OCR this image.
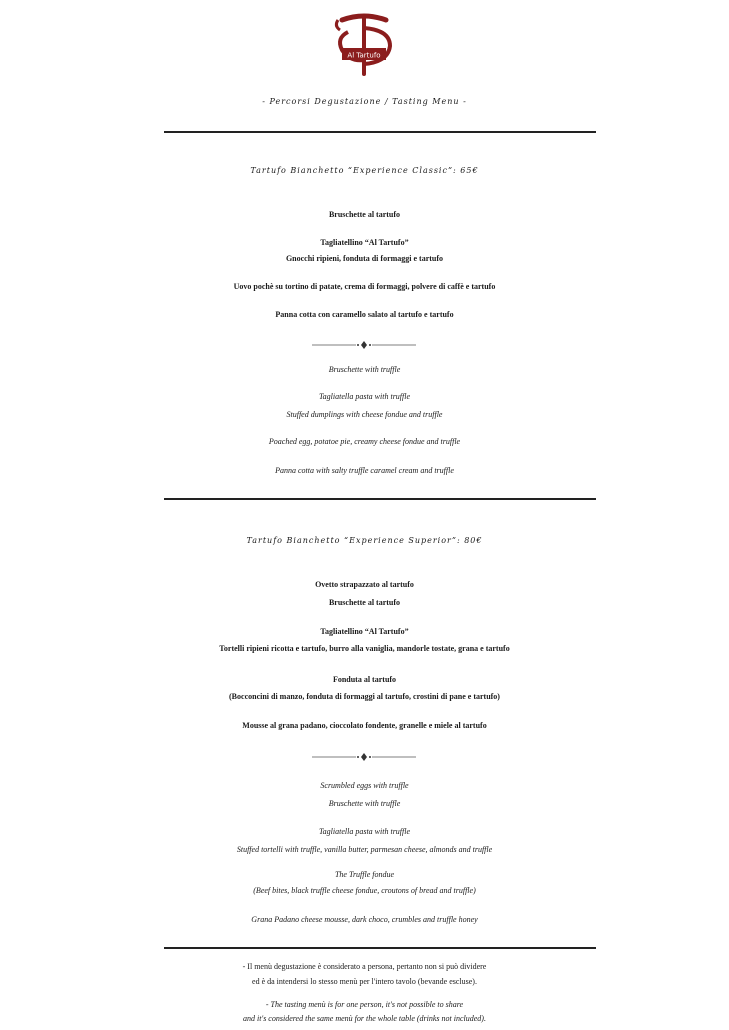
Al Tartufo
- Percorsi Degustazione / Tasting Menu -
Tartufo Bianchetto “Experience Classic”: 65€
Bruschette al tartufo
Tagliatellino “Al Tartufo”
Gnocchi ripieni, fonduta di formaggi e tartufo
Uovo pochè su tortino di patate, crema di formaggi, polvere di caffè e tartufo
Panna cotta con caramello salato al tartufo e tartufo
Bruschette with truffle
Tagliatella pasta with truffle
Stuffed dumplings with cheese fondue and truffle
Poached egg, potatoe pie, creamy cheese fondue and truffle
Panna cotta with salty truffle caramel cream and truffle
Tartufo Bianchetto “Experience Superior”: 80€
Ovetto strapazzato al tartufo
Bruschette al tartufo
Tagliatellino “Al Tartufo”
Tortelli ripieni ricotta e tartufo, burro alla vaniglia, mandorle tostate, grana e tartufo
Fonduta al tartufo
(Bocconcini di manzo, fonduta di formaggi al tartufo, crostini di pane e tartufo)
Mousse al grana padano, cioccolato fondente, granelle e miele al tartufo
Scrumbled eggs with truffle
Bruschette with truffle
Tagliatella pasta with truffle
Stuffed tortelli with truffle, vanilla butter, parmesan cheese, almonds and truffle
The Truffle fondue
(Beef bites, black truffle cheese fondue, croutons of bread and truffle)
Grana Padano cheese mousse, dark choco, crumbles and truffle honey
- Il menù degustazione è considerato a persona, pertanto non si può dividere
ed è da intendersi lo stesso menù per l'intero tavolo (bevande escluse).
- The tasting menù is for one person, it's not possible to share
and it's considered the same menù for the whole table (drinks not included).
